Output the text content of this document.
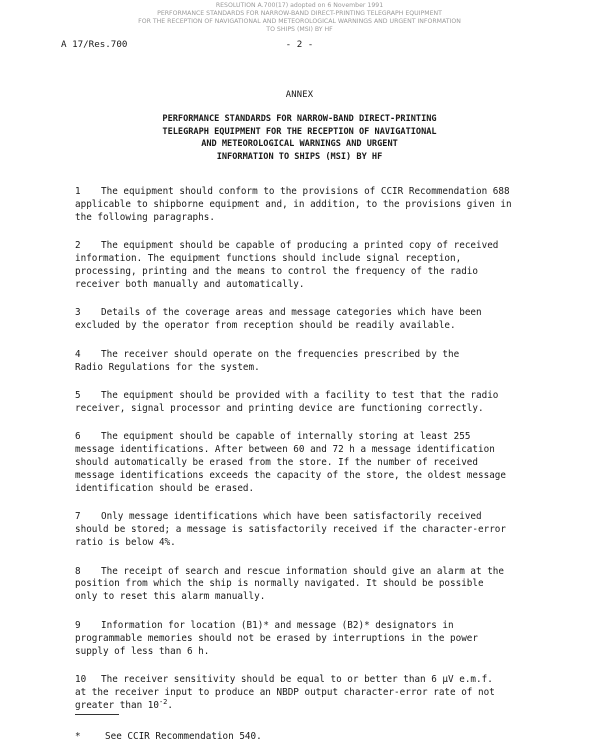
RESOLUTION A.700(17) adopted on 6 November 1991
PERFORMANCE STANDARDS FOR NARROW-BAND DIRECT-PRINTING TELEGRAPH EQUIPMENT
FOR THE RECEPTION OF NAVIGATIONAL AND METEOROLOGICAL WARNINGS AND URGENT INFORMATION
TO SHIPS (MSI) BY HF
A 17/Res.700	- 2 -
ANNEX
PERFORMANCE STANDARDS FOR NARROW-BAND DIRECT-PRINTING
TELEGRAPH EQUIPMENT FOR THE RECEPTION OF NAVIGATIONAL
AND METEOROLOGICAL WARNINGS AND URGENT
INFORMATION TO SHIPS (MSI) BY HF
1 The equipment should conform to the provisions of CCIR Recommendation 688
applicable to shipborne equipment and, in addition, to the provisions given in
the following paragraphs.
2 The equipment should be capable of producing a printed copy of received
information. The equipment functions should include signal reception,
processing, printing and the means to control the frequency of the radio
receiver both manually and automatically.
3 Details of the coverage areas and message categories which have been
excluded by the operator from reception should be readily available.
4 The receiver should operate on the frequencies prescribed by the
Radio Regulations for the system.
5 The equipment should be provided with a facility to test that the radio
receiver, signal processor and printing device are functioning correctly.
6 The equipment should be capable of internally storing at least 255
message identifications. After between 60 and 72 h a message identification
should automatically be erased from the store. If the number of received
message identifications exceeds the capacity of the store, the oldest message
identification should be erased.
7 Only message identifications which have been satisfactorily received
should be stored; a message is satisfactorily received if the character-error
ratio is below 4%.
8 The receipt of search and rescue information should give an alarm at the
position from which the ship is normally navigated. It should be possible
only to reset this alarm manually.
9 Information for location (B1)* and message (B2)* designators in
programmable memories should not be erased by interruptions in the power
supply of less than 6 h.
10 The receiver sensitivity should be equal to or better than 6 µV e.m.f.
at the receiver input to produce an NBDP output character-error rate of not
greater than $10^{-2}$.
*	See CCIR Recommendation 540.
